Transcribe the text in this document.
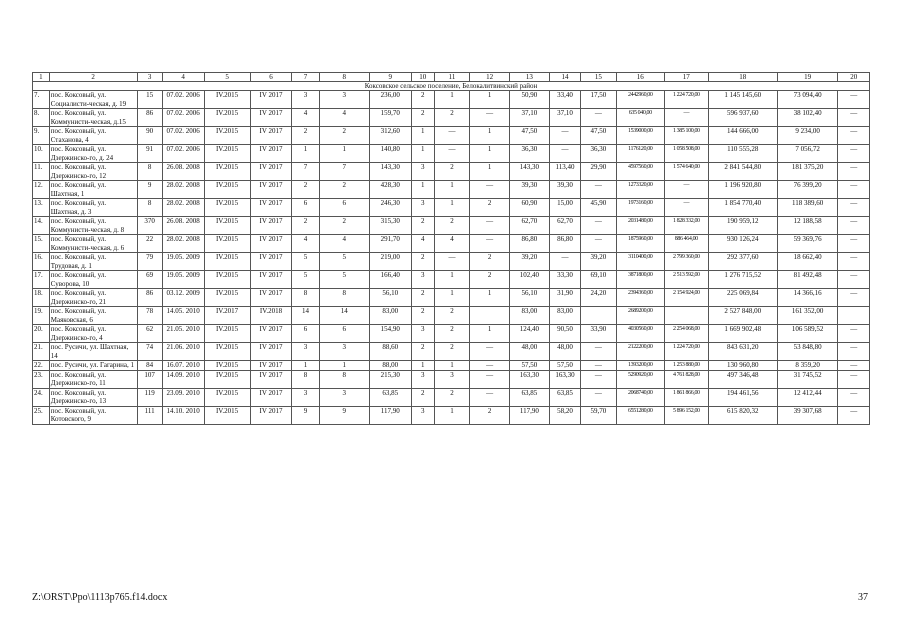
1	2	3	4	5	6	7	8	9	10	11	12	13	14	15	16	17	18	19	20
Коксовское сельское поселение, Белокалитвинский район																			
7.	пос. Коксовый, ул. Социалисти-ческая, д. 19	15	07.02. 2006	IV.2015	IV 2017	3	3	236,00	2	1	1	50,90	33,40	17,50	2442960,00	1 224 720,00	1 145 145,60	73 094,40	—
8.	пос. Коксовый, ул. Коммунисти-ческая, д.15	86	07.02. 2006	IV.2015	IV 2017	4	4	159,70	2	2	—	37,10	37,10	—	635 040,00	—	596 937,60	38 102,40	—
9.	пос. Коксовый, ул. Стаханова, 4	90	07.02. 2006	IV.2015	IV 2017	2	2	312,60	1	—	1	47,50	—	47,50	1539000,00	1 385 100,00	144 666,00	9 234,00	—
10.	пос. Коксовый, ул. Дзержинско-го, д. 24	91	07.02. 2006	IV.2015	IV 2017	1	1	140,80	1	—	1	36,30	—	36,30	1176120,00	1 058 508,00	110 555,28	7 056,72	—
11.	пос. Коксовый, ул. Дзержинско-го, 12	8	26.08. 2008	IV.2015	IV 2017	7	7	143,30	3	2	1	143,30	113,40	29,90	4597560,00	1 574 640,00	2 841 544,80	181 375,20	—
12.	пос. Коксовый, ул. Шахтная, 1	9	28.02. 2008	IV.2015	IV 2017	2	2	428,30	1	1	—	39,30	39,30	—	1273320,00	—	1 196 920,80	76 399,20	—
13.	пос. Коксовый, ул. Шахтная, д. 3	8	28.02. 2008	IV.2015	IV 2017	6	6	246,30	3	1	2	60,90	15,00	45,90	1973160,00	—	1 854 770,40	118 389,60	—
14.	пос. Коксовый, ул. Коммунисти-ческая, д. 8	370	26.08. 2008	IV.2015	IV 2017	2	2	315,30	2	2	—	62,70	62,70	—	2031480,00	1 828 332,00	190 959,12	12 188,58	—
15.	пос. Коксовый, ул. Коммунисти-ческая, д. 6	22	28.02. 2008	IV.2015	IV 2017	4	4	291,70	4	4	—	86,80	86,80	—	1875960,00	886 464,00	930 126,24	59 369,76	—
16.	пос. Коксовый, ул. Трудовая, д. 1	79	19.05. 2009	IV.2015	IV 2017	5	5	219,00	2	—	2	39,20	—	39,20	3110400,00	2 799 360,00	292 377,60	18 662,40	—
17.	пос. Коксовый, ул. Суворова, 10	69	19.05. 2009	IV.2015	IV 2017	5	5	166,40	3	1	2	102,40	33,30	69,10	3871800,00	2 513 592,00	1 276 715,52	81 492,48	—
18.	пос. Коксовый, ул. Дзержинско-го, 21	86	03.12. 2009	IV.2015	IV 2017	8	8	56,10	2	1	1	56,10	31,90	24,20	2394360,00	2 154 924,00	225 069,84	14 366,16	—
19.	пос. Коксовый, ул. Маяковская, 6	78	14.05. 2010	IV.2017	IV.2018	14	14	83,00	2	2		83,00	83,00		2689200,00		2 527 848,00	161 352,00	
20.	пос. Коксовый, ул. Дзержинско-го, 4	62	21.05. 2010	IV.2015	IV 2017	6	6	154,90	3	2	1	124,40	90,50	33,90	4030560,00	2 254 068,00	1 669 902,48	106 589,52	—
21.	пос. Русичи, ул. Шахтная, 14	74	21.06. 2010	IV.2015	IV 2017	3	3	88,60	2	2	—	48,00	48,00	—	2122200,00	1 224 720,00	843 631,20	53 848,80	—
22.	пос. Русичи, ул. Гагарина, 1	84	16.07. 2010	IV.2015	IV 2017	1	1	88,00	1	1	—	57,50	57,50	—	1393200,00	1 253 880,00	130 960,80	8 359,20	—
23.	пос. Коксовый, ул. Дзержинско-го, 11	107	14.09. 2010	IV.2015	IV 2017	8	8	215,30	3	3	—	163,30	163,30	—	5290920,00	4 761 828,00	497 346,48	31 745,52	—
24.	пос. Коксовый, ул. Дзержинско-го, 13	119	23.09. 2010	IV.2015	IV 2017	3	3	63,85	2	2	—	63,85	63,85	—	2068740,00	1 861 866,00	194 461,56	12 412,44	—
25.	пос. Коксовый, ул. Котовского, 9	111	14.10. 2010	IV.2015	IV 2017	9	9	117,90	3	1	2	117,90	58,20	59,70	6551280,00	5 896 152,00	615 820,32	39 307,68	—
Z:\ORST\Ppo\1113p765.f14.docx	37
